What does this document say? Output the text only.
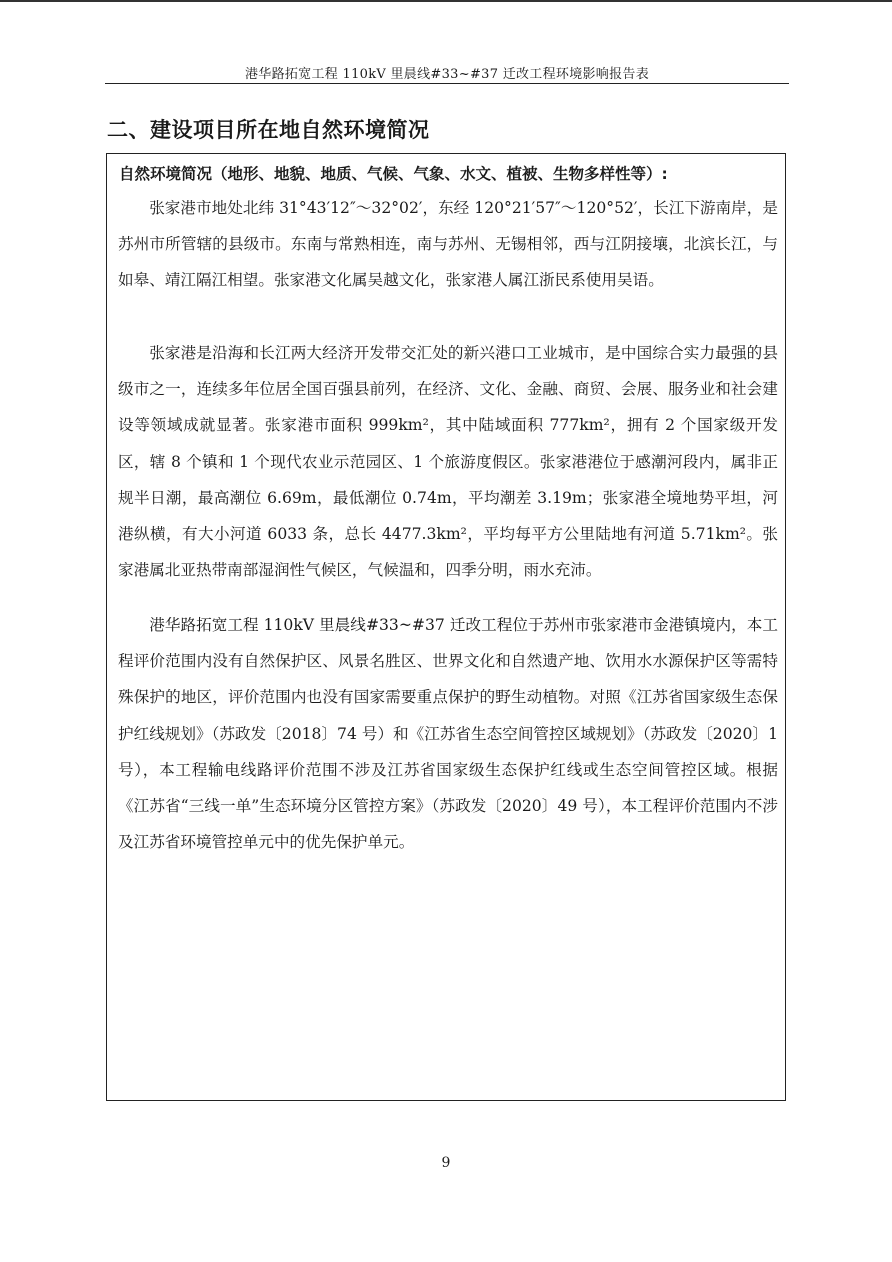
港华路拓宽工程 110kV 里晨线#33~#37 迁改工程环境影响报告表
二、建设项目所在地自然环境简况
自然环境简况（地形、地貌、地质、气候、气象、水文、植被、生物多样性等）:

张家港市地处北纬 31°43′12″～32°02′，东经 120°21′57″～120°52′，长江下游南岸，是苏州市所管辖的县级市。东南与常熟相连，南与苏州、无锡相邻，西与江阴接壤，北滨长江，与如皋、靖江隔江相望。张家港文化属吴越文化，张家港人属江浙民系使用吴语。

张家港是沿海和长江两大经济开发带交汇处的新兴港口工业城市，是中国综合实力最强的县级市之一，连续多年位居全国百强县前列，在经济、文化、金融、商贸、会展、服务业和社会建设等领域成就显著。张家港市面积 999km²，其中陆域面积 777km²，拥有 2 个国家级开发区，辖 8 个镇和 1 个现代农业示范园区、1 个旅游度假区。张家港港位于感潮河段内，属非正规半日潮，最高潮位 6.69m，最低潮位 0.74m，平均潮差 3.19m；张家港全境地势平坦，河港纵横，有大小河道 6033 条，总长 4477.3km²，平均每平方公里陆地有河道 5.71km²。张家港属北亚热带南部湿润性气候区，气候温和，四季分明，雨水充沛。

港华路拓宽工程 110kV 里晨线#33~#37 迁改工程位于苏州市张家港市金港镇境内，本工程评价范围内没有自然保护区、风景名胜区、世界文化和自然遗产地、饮用水水源保护区等需特殊保护的地区，评价范围内也没有国家需要重点保护的野生动植物。对照《江苏省国家级生态保护红线规划》（苏政发〔2018〕74 号）和《江苏省生态空间管控区域规划》（苏政发〔2020〕1 号），本工程输电线路评价范围不涉及江苏省国家级生态保护红线或生态空间管控区域。根据《江苏省“三线一单”生态环境分区管控方案》（苏政发〔2020〕49 号），本工程评价范围内不涉及江苏省环境管控单元中的优先保护单元。

9
